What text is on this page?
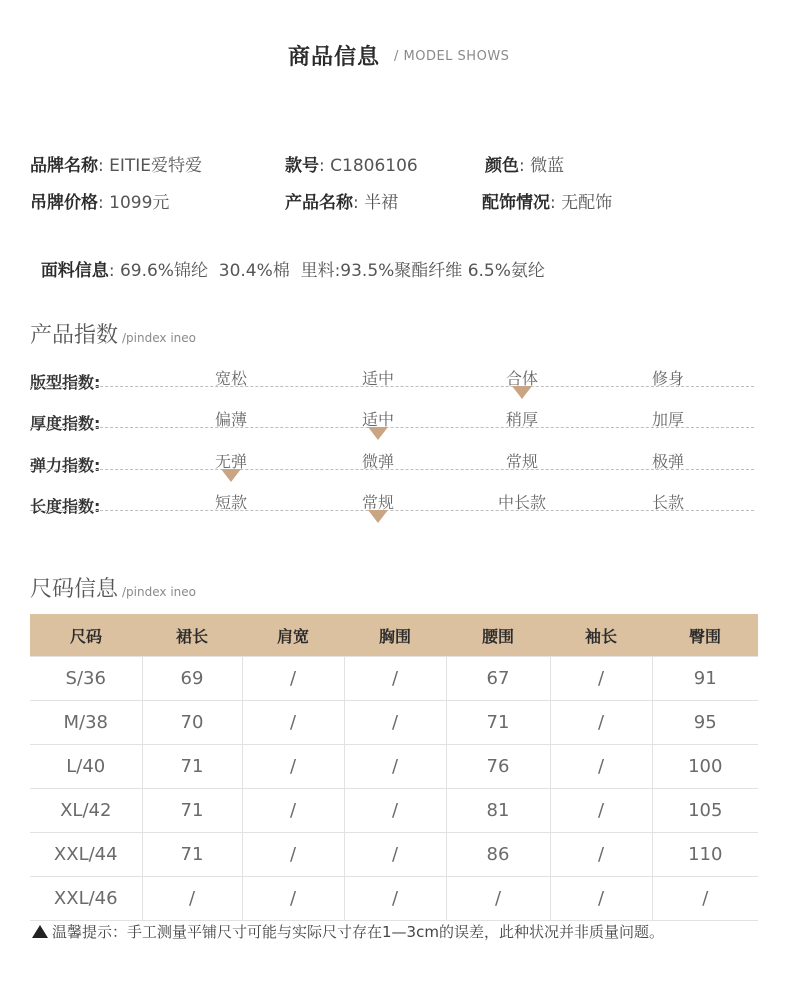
商品信息 / MODEL SHOWS
品牌名称: EITIE爱特爱	款号: C1806106	颜色: 微蓝
吊牌价格: 1099元	产品名称: 半裙	配饰情况: 无配饰

面料信息: 69.6%锦纶  30.4%棉  里料:93.5%聚酯纤维 6.5%氨纶

产品指数 /pindex ineo
版型指数:	宽松	适中	合体	修身
厚度指数:	偏薄	适中	稍厚	加厚
弹力指数:	无弹	微弹	常规	极弹
长度指数:	短款	常规	中长款	长款
尺码信息 /pindex ineo
尺码	裙长	肩宽	胸围	腰围	袖长	臀围
S/36	69	/	/	67	/	91
M/38	70	/	/	71	/	95
L/40	71	/	/	76	/	100
XL/42	71	/	/	81	/	105
XXL/44	71	/	/	86	/	110
XXL/46	/	/	/	/	/	/
温馨提示：手工测量平铺尺寸可能与实际尺寸存在1—3cm的误差，此种状况并非质量问题。
